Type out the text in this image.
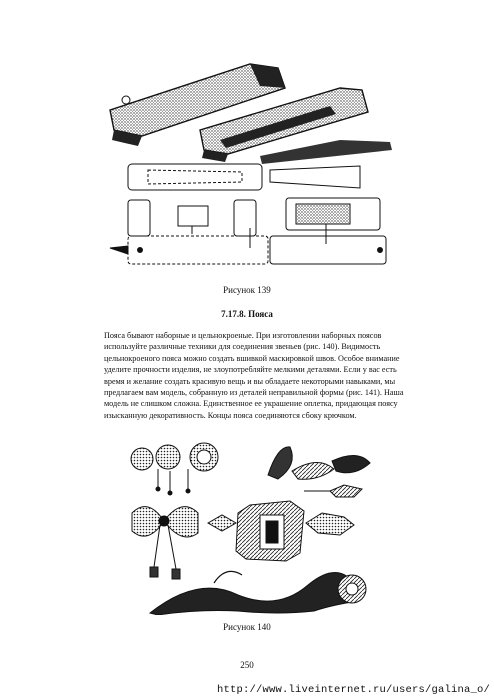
Рисунок 139
7.17.8. Пояса
Пояса бывают наборные и цельнокроеные. При изготовлении наборных поясов используйте различные техники для соединения звеньев (рис. 140). Видимость цельнокроеного пояса можно создать вшивкой маскировкой швов. Особое внимание уделите прочности изделия, не злоупотребляйте мелкими деталями. Если у вас есть время и желание создать красивую вещь и вы обладаете некоторыми навыками, мы предлагаем вам модель, собранную из деталей неправильной формы (рис. 141). Наша модель не слишком сложна. Единственное ее украшение оплетка, придающая поясу изысканную декоративность. Концы пояса соединяются сбоку крючком.
Рисунок 140
250
http://www.liveinternet.ru/users/galina_o/
